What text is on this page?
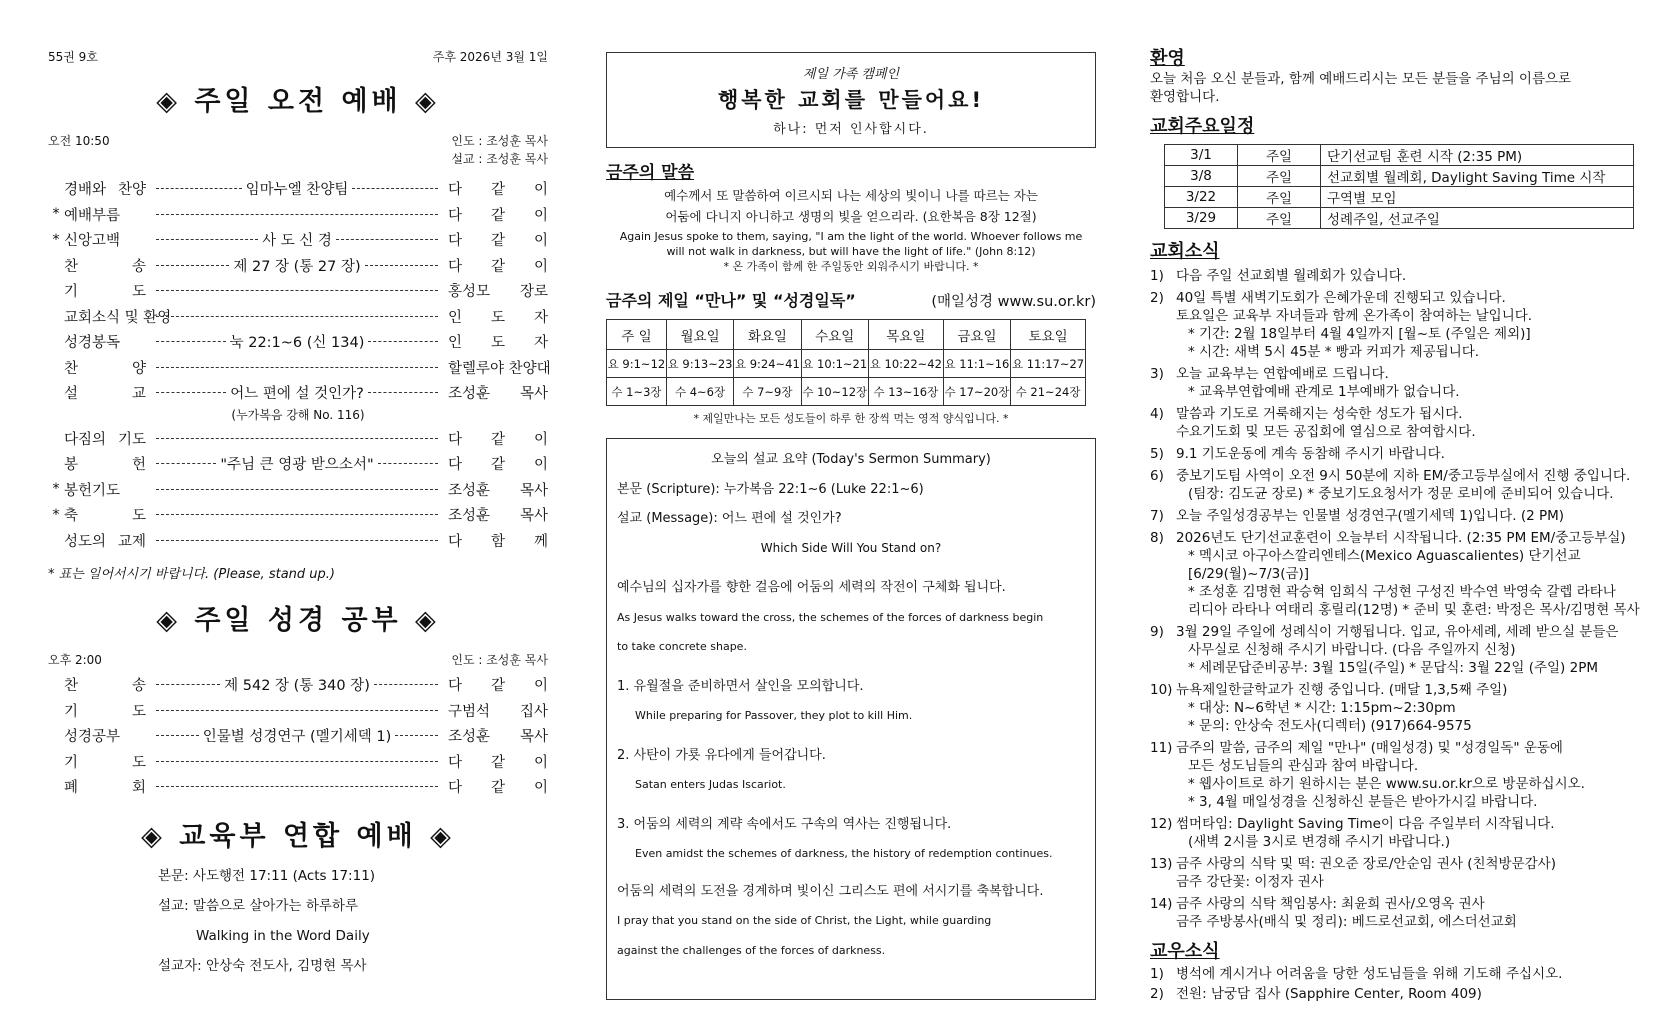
55권 9호	주후 2026년 3월 1일
◈ 주일 오전 예배 ◈
오전 10:50	인도 : 조성훈 목사
설교 : 조성훈 목사
경배와 찬양	임마누엘 찬양팀	다 같 이
* 예배부름	다 같 이
* 신앙고백	사 도 신 경	다 같 이
찬 송	제 27 장 (통 27 장)	다 같 이
기 도	홍성모 장로
교회소식 및 환영	인 도 자
성경봉독	눅 22:1~6 (신 134)	인 도 자
찬 양	할렐루야 찬양대
설 교	어느 편에 설 것인가?	조성훈 목사
(누가복음 강해 No. 116)
다짐의 기도	다 같 이
봉 헌	"주님 큰 영광 받으소서"	다 같 이
* 봉헌기도	조성훈 목사
* 축 도	조성훈 목사
성도의 교제	다 함 께
* 표는 일어서시기 바랍니다. (Please, stand up.)
◈ 주일 성경 공부 ◈
오후 2:00	인도 : 조성훈 목사
찬 송	제 542 장 (통 340 장)	다 같 이
기 도	구범석 집사
성경공부	인물별 성경연구 (멜기세덱 1)	조성훈 목사
기 도	다 같 이
폐 회	다 같 이
◈ 교육부 연합 예배 ◈
본문: 사도행전 17:11 (Acts 17:11)
설교: 말씀으로 살아가는 하루하루
Walking in the Word Daily
설교자: 안상숙 전도사, 김명현 목사
제일 가족 캠페인
행복한 교회를 만들어요!
하나: 먼저 인사합시다.
금주의 말씀
예수께서 또 말씀하여 이르시되 나는 세상의 빛이니 나를 따르는 자는
어둠에 다니지 아니하고 생명의 빛을 얻으리라. (요한복음 8장 12절)
Again Jesus spoke to them, saying, "I am the light of the world. Whoever follows me
will not walk in darkness, but will have the light of life." (John 8:12)
* 온 가족이 함께 한 주일동안 외워주시기 바랍니다. *
금주의 제일 “만나” 및 “성경일독”	(매일성경 www.su.or.kr)
주 일	월요일	화요일	수요일	목요일	금요일	토요일
요 9:1~12	요 9:13~23	요 9:24~41	요 10:1~21	요 10:22~42	요 11:1~16	요 11:17~27
수 1~3장	수 4~6장	수 7~9장	수 10~12장	수 13~16장	수 17~20장	수 21~24장
* 제일만나는 모든 성도들이 하루 한 장씩 먹는 영적 양식입니다. *
오늘의 설교 요약 (Today's Sermon Summary)
본문 (Scripture): 누가복음 22:1~6 (Luke 22:1~6)
설교 (Message): 어느 편에 설 것인가?
Which Side Will You Stand on?
예수님의 십자가를 향한 걸음에 어둠의 세력의 작전이 구체화 됩니다.
As Jesus walks toward the cross, the schemes of the forces of darkness begin
to take concrete shape.
1. 유월절을 준비하면서 살인을 모의합니다.
While preparing for Passover, they plot to kill Him.
2. 사탄이 가룟 유다에게 들어갑니다.
Satan enters Judas Iscariot.
3. 어둠의 세력의 계략 속에서도 구속의 역사는 진행됩니다.
Even amidst the schemes of darkness, the history of redemption continues.
어둠의 세력의 도전을 경계하며 빛이신 그리스도 편에 서시기를 축복합니다.
I pray that you stand on the side of Christ, the Light, while guarding
against the challenges of the forces of darkness.
환영
오늘 처음 오신 분들과, 함께 예배드리시는 모든 분들을 주님의 이름으로
환영합니다.
교회주요일정
3/1	주일	단기선교팀 훈련 시작 (2:35 PM)
3/8	주일	선교회별 월례회, Daylight Saving Time 시작
3/22	주일	구역별 모임
3/29	주일	성례주일, 선교주일
교회소식
1) 다음 주일 선교회별 월례회가 있습니다.
2) 40일 특별 새벽기도회가 은혜가운데 진행되고 있습니다.
토요일은 교육부 자녀들과 함께 온가족이 참여하는 날입니다.
* 기간: 2월 18일부터 4월 4일까지 [월~토 (주일은 제외)]
* 시간: 새벽 5시 45분 * 빵과 커피가 제공됩니다.
3) 오늘 교육부는 연합예배로 드립니다.
* 교육부연합예배 관계로 1부예배가 없습니다.
4) 말씀과 기도로 거룩해지는 성숙한 성도가 됩시다.
수요기도회 및 모든 공집회에 열심으로 참여합시다.
5) 9.1 기도운동에 계속 동참해 주시기 바랍니다.
6) 중보기도팀 사역이 오전 9시 50분에 지하 EM/중고등부실에서 진행 중입니다.
(팀장: 김도균 장로) * 중보기도요청서가 정문 로비에 준비되어 있습니다.
7) 오늘 주일성경공부는 인물별 성경연구(멜기세덱 1)입니다. (2 PM)
8) 2026년도 단기선교훈련이 오늘부터 시작됩니다. (2:35 PM EM/중고등부실)
* 멕시코 아구아스깔리엔테스(Mexico Aguascalientes) 단기선교[6/29(월)~7/3(금)]
* 조성훈 김명현 곽승혁 임희식 구성현 구성진 박수연 박영숙 갈렙 라타나
리디아 라타나 여태리 홍릴리(12명) * 준비 및 훈련: 박정은 목사/김명현 목사
9) 3월 29일 주일에 성례식이 거행됩니다. 입교, 유아세례, 세례 받으실 분들은
사무실로 신청해 주시기 바랍니다. (다음 주일까지 신청)
* 세례문답준비공부: 3월 15일(주일) * 문답식: 3월 22일 (주일) 2PM
10) 뉴욕제일한글학교가 진행 중입니다. (매달 1,3,5째 주일)
* 대상: N~6학년 * 시간: 1:15pm~2:30pm
* 문의: 안상숙 전도사(디렉터) (917)664-9575
11) 금주의 말씀, 금주의 제일 "만나" (매일성경) 및 "성경일독" 운동에
모든 성도님들의 관심과 참여 바랍니다.
* 웹사이트로 하기 원하시는 분은 www.su.or.kr으로 방문하십시오.
* 3, 4월 매일성경을 신청하신 분들은 받아가시길 바랍니다.
12) 썸머타임: Daylight Saving Time이 다음 주일부터 시작됩니다.
(새벽 2시를 3시로 변경해 주시기 바랍니다.)
13) 금주 사랑의 식탁 및 떡: 권오준 장로/안순임 권사 (친척방문감사)
금주 강단꽃: 이정자 권사
14) 금주 사랑의 식탁 책임봉사: 최윤희 권사/오영옥 권사
금주 주방봉사(배식 및 정리): 베드로선교회, 에스더선교회
교우소식
1) 병석에 계시거나 어려움을 당한 성도님들을 위해 기도해 주십시오.
2) 전원: 남궁담 집사 (Sapphire Center, Room 409)
